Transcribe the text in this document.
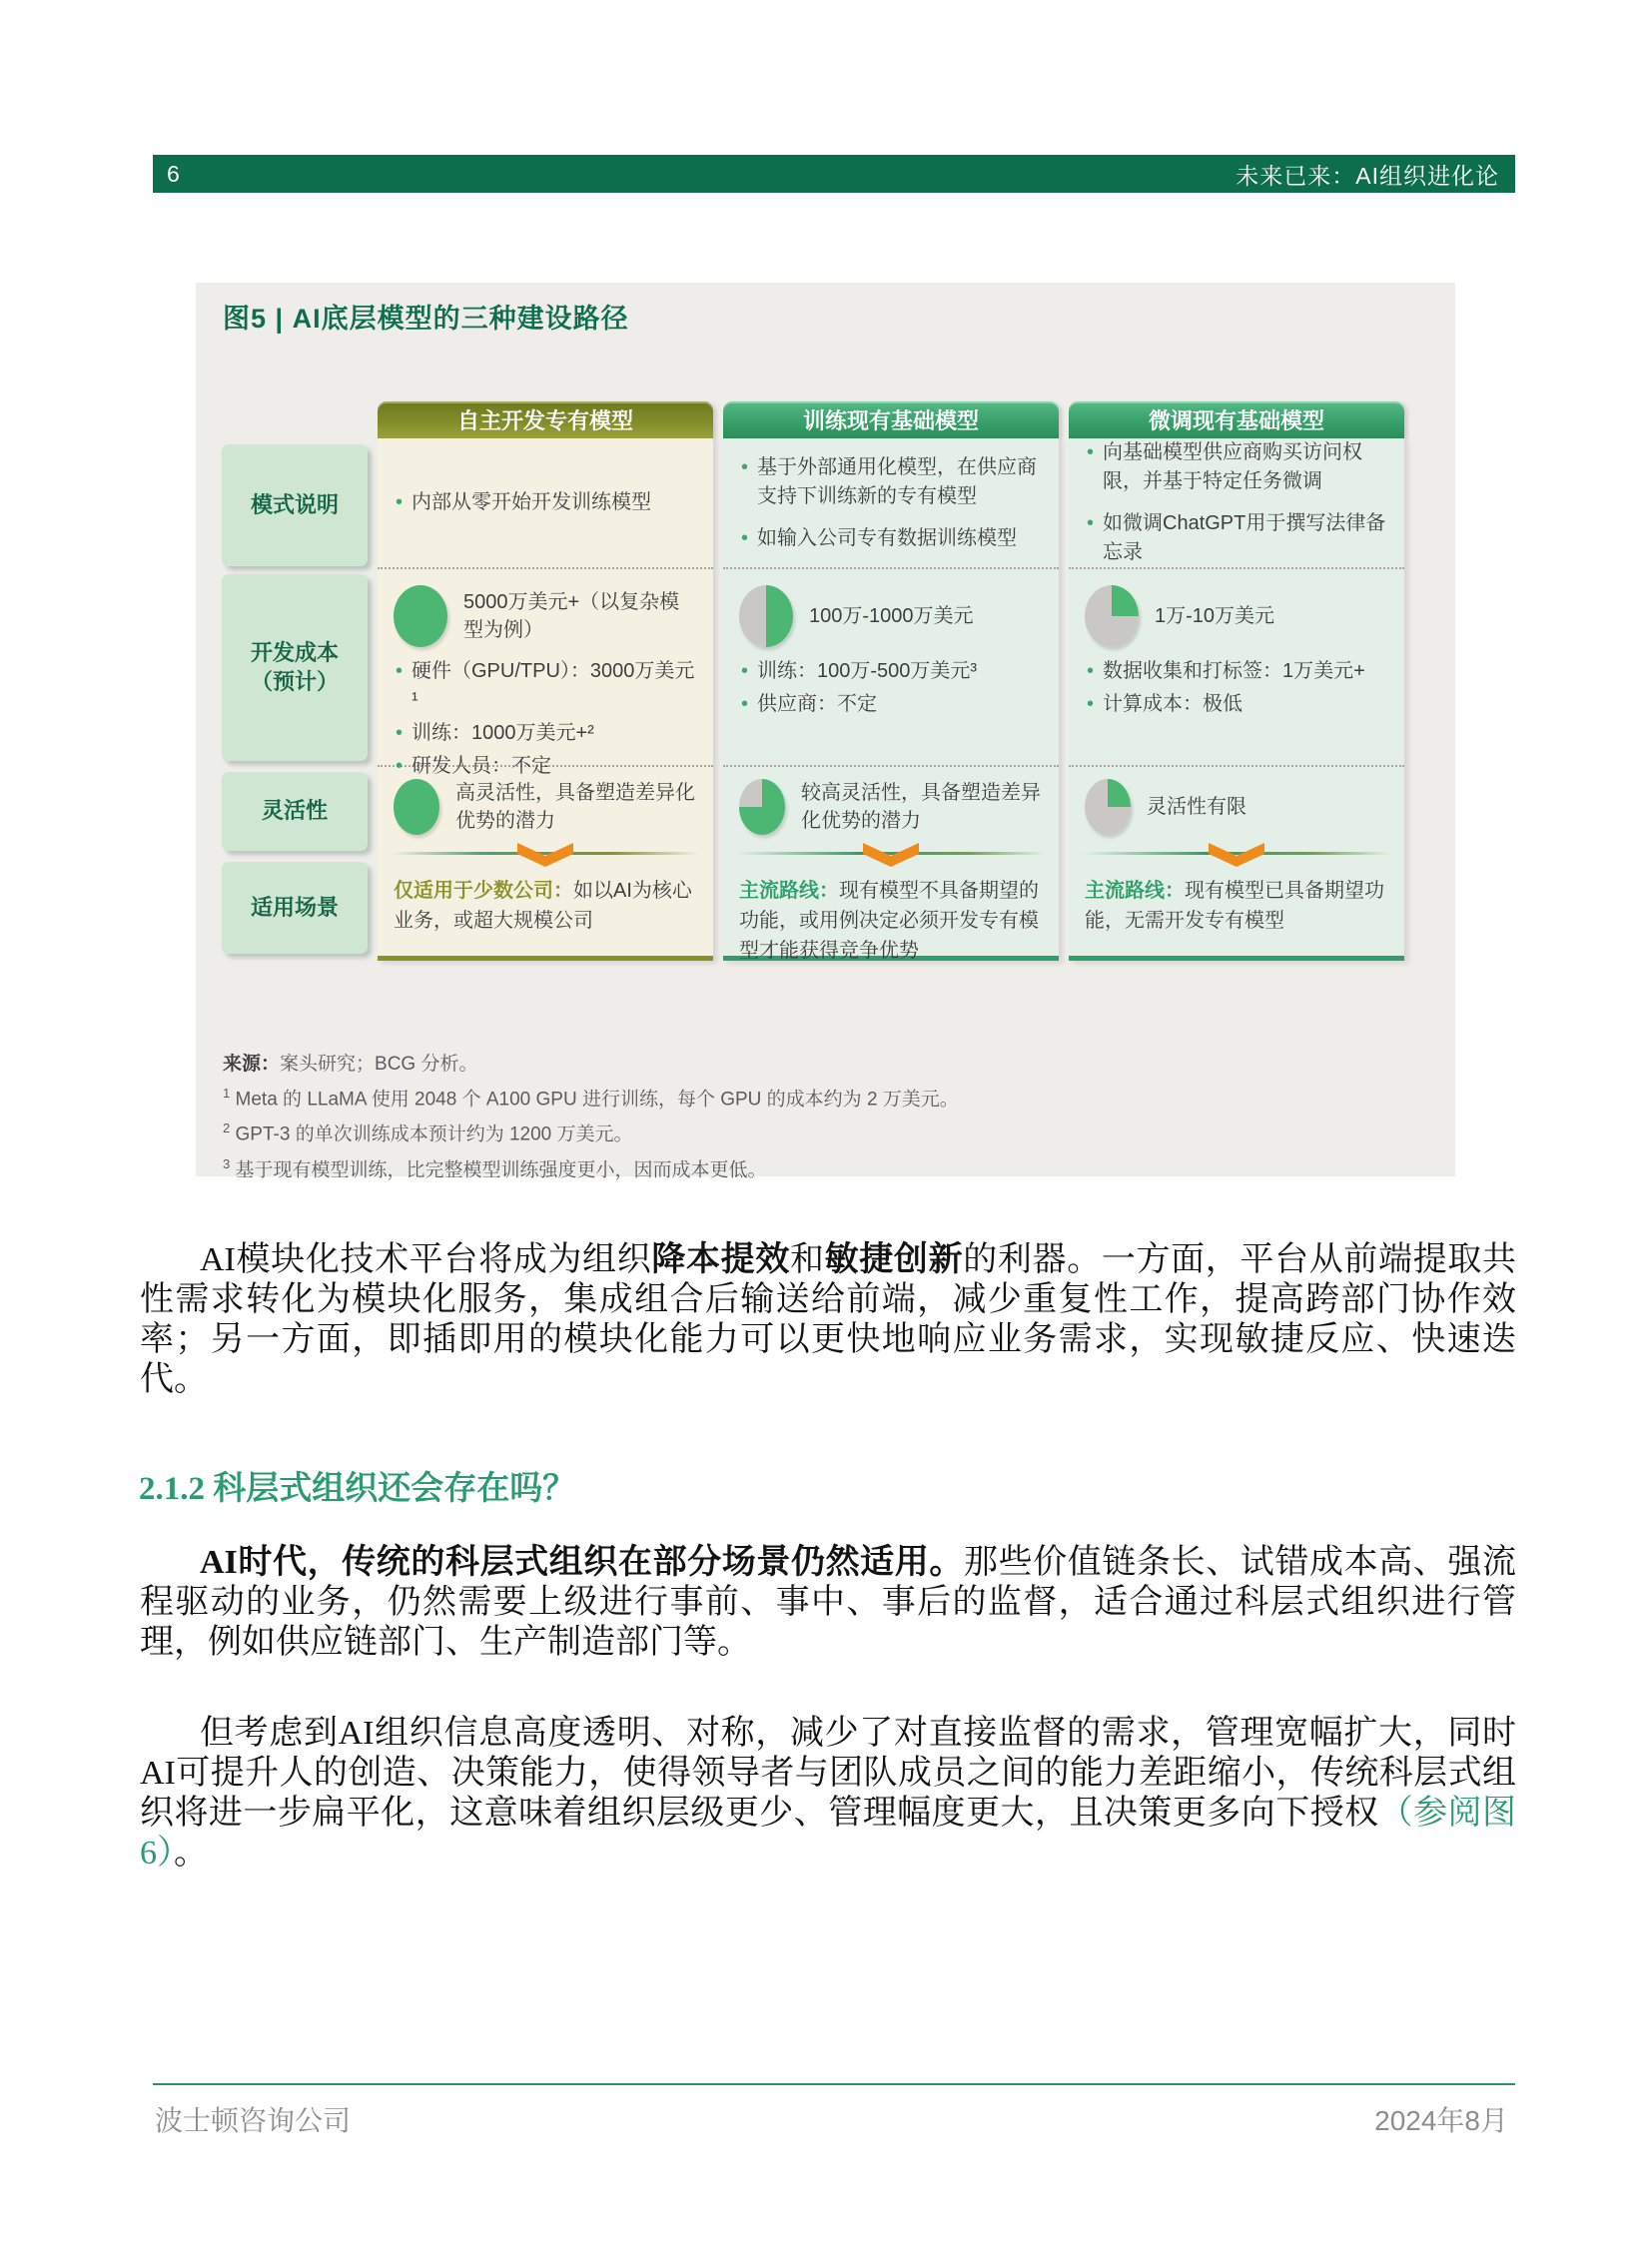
6	未来已来：AI组织进化论
图5 | AI底层模型的三种建设路径
模式说明
开发成本
（预计）
灵活性
适用场景
自主开发专有模型
• 内部从零开始开发训练模型
5000万美元+（以复杂模型为例）
• 硬件（GPU/TPU）：3000万美元¹
• 训练：1000万美元+²
• 研发人员：不定
高灵活性，具备塑造差异化优势的潜力

仅适用于少数公司：如以AI为核心业务，或超大规模公司

训练现有基础模型
• 基于外部通用化模型，在供应商支持下训练新的专有模型
• 如输入公司专有数据训练模型
100万-1000万美元
• 训练：100万-500万美元³
• 供应商：不定
较高灵活性，具备塑造差异化优势的潜力

主流路线：现有模型不具备期望的功能，或用例决定必须开发专有模型才能获得竞争优势

微调现有基础模型
• 向基础模型供应商购买访问权限，并基于特定任务微调
• 如微调ChatGPT用于撰写法律备忘录
1万-10万美元
• 数据收集和打标签：1万美元+
• 计算成本：极低
灵活性有限

主流路线：现有模型已具备期望功能，无需开发专有模型

来源：案头研究；BCG 分析。
$^1$ Meta 的 LLaMA 使用 2048 个 A100 GPU 进行训练，每个 GPU 的成本约为 2 万美元。
$^2$ GPT-3 的单次训练成本预计约为 1200 万美元。
$^3$ 基于现有模型训练，比完整模型训练强度更小，因而成本更低。

AI模块化技术平台将成为组织降本提效和敏捷创新的利器。一方面，平台从前端提取共性需求转化为模块化服务，集成组合后输送给前端，减少重复性工作，提高跨部门协作效率；另一方面，即插即用的模块化能力可以更快地响应业务需求，实现敏捷反应、快速迭代。

2.1.2 科层式组织还会存在吗？

AI时代，传统的科层式组织在部分场景仍然适用。那些价值链条长、试错成本高、强流程驱动的业务，仍然需要上级进行事前、事中、事后的监督，适合通过科层式组织进行管理，例如供应链部门、生产制造部门等。

但考虑到AI组织信息高度透明、对称，减少了对直接监督的需求，管理宽幅扩大，同时AI可提升人的创造、决策能力，使得领导者与团队成员之间的能力差距缩小，传统科层式组织将进一步扁平化，这意味着组织层级更少、管理幅度更大，且决策更多向下授权（参阅图6）。

波士顿咨询公司	2024年8月
